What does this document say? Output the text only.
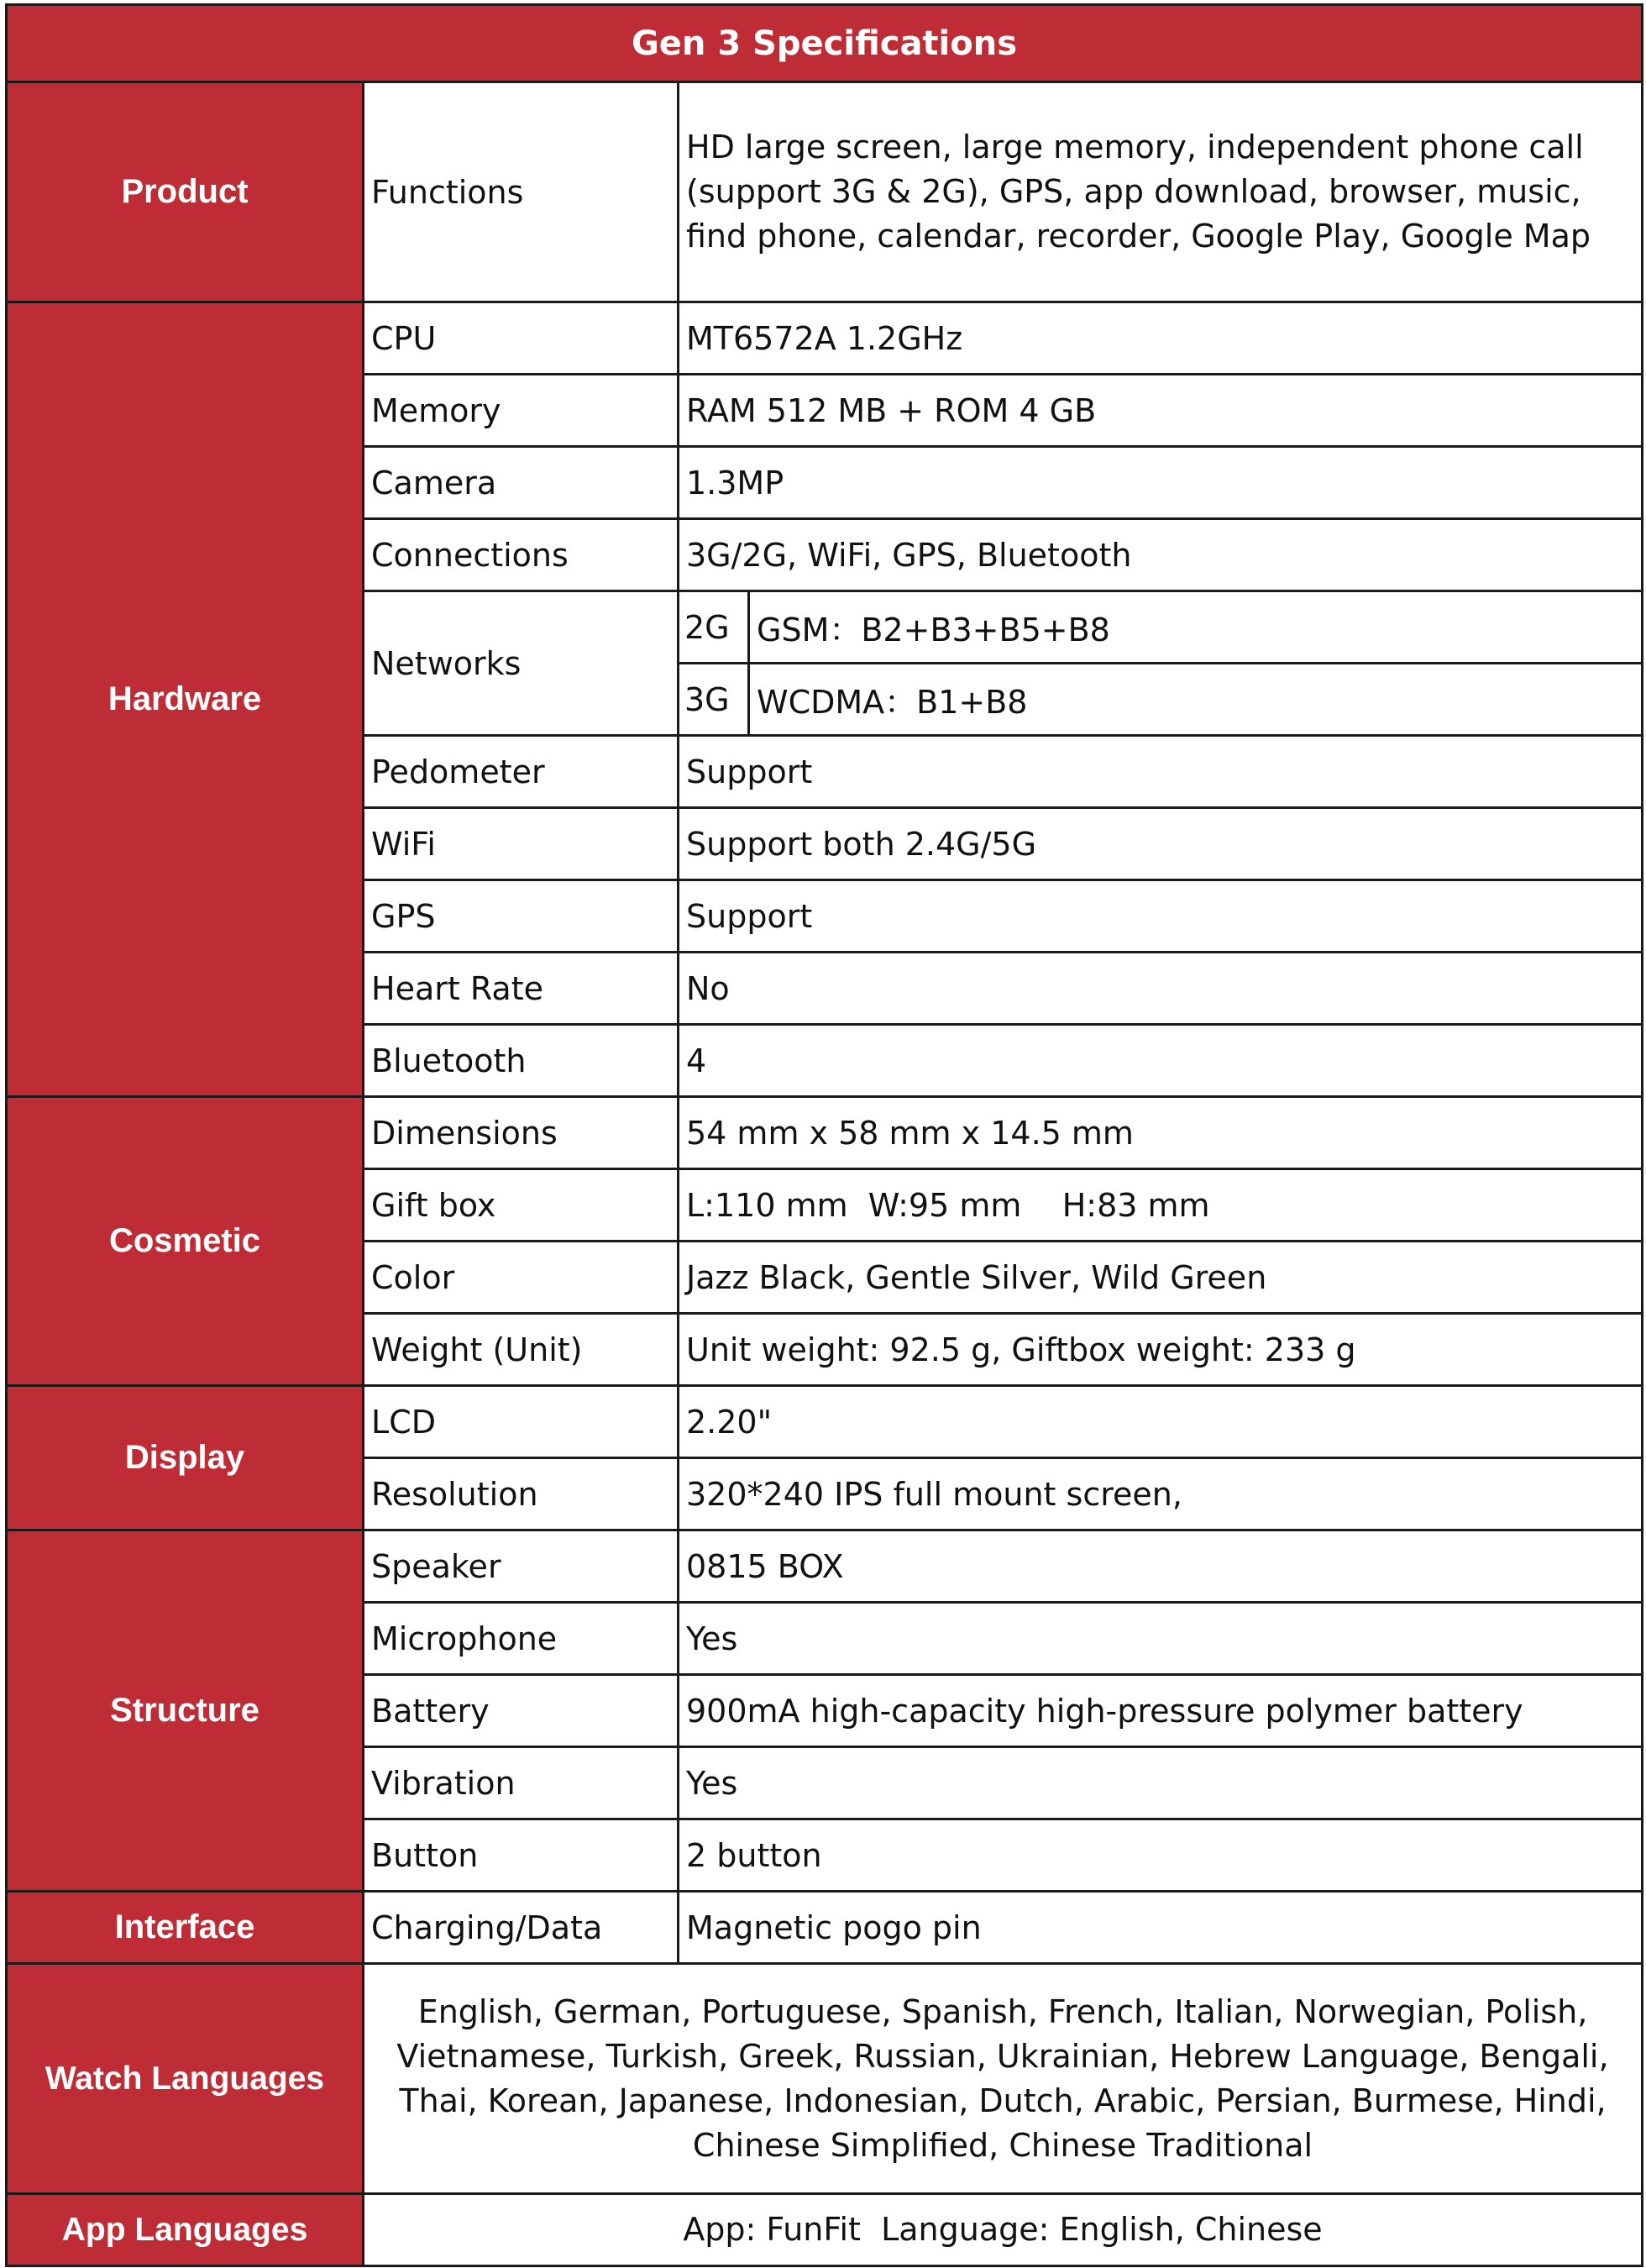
Gen 3 Specifications			
Product	Functions	HD large screen, large memory, independent phone call (support 3G & 2G), GPS, app download, browser, music, find phone, calendar, recorder, Google Play, Google Map	
Hardware	CPU	MT6572A 1.2GHz	
	Memory	RAM 512 MB + ROM 4 GB	
	Camera	1.3MP	
	Connections	3G/2G, WiFi, GPS, Bluetooth	
	Networks	2G	GSM：B2+B3+B5+B8
		3G	WCDMA：B1+B8
	Pedometer	Support	
	WiFi	Support both 2.4G/5G	
	GPS	Support	
	Heart Rate	No	
	Bluetooth	4	
Cosmetic	Dimensions	54 mm x 58 mm x 14.5 mm	
	Gift box	L:110 mm  W:95 mm    H:83 mm	
	Color	Jazz Black, Gentle Silver, Wild Green	
	Weight (Unit)	Unit weight: 92.5 g, Giftbox weight: 233 g	
Display	LCD	2.20"	
	Resolution	320*240 IPS full mount screen,	
Structure	Speaker	0815 BOX	
	Microphone	Yes	
	Battery	900mA high-capacity high-pressure polymer battery	
	Vibration	Yes	
	Button	2 button	
Interface	Charging/Data	Magnetic pogo pin	
Watch Languages	English, German, Portuguese, Spanish, French, Italian, Norwegian, Polish, Vietnamese, Turkish, Greek, Russian, Ukrainian, Hebrew Language, Bengali, Thai, Korean, Japanese, Indonesian, Dutch, Arabic, Persian, Burmese, Hindi, Chinese Simplified, Chinese Traditional		
App Languages	App: FunFit  Language: English, Chinese		
